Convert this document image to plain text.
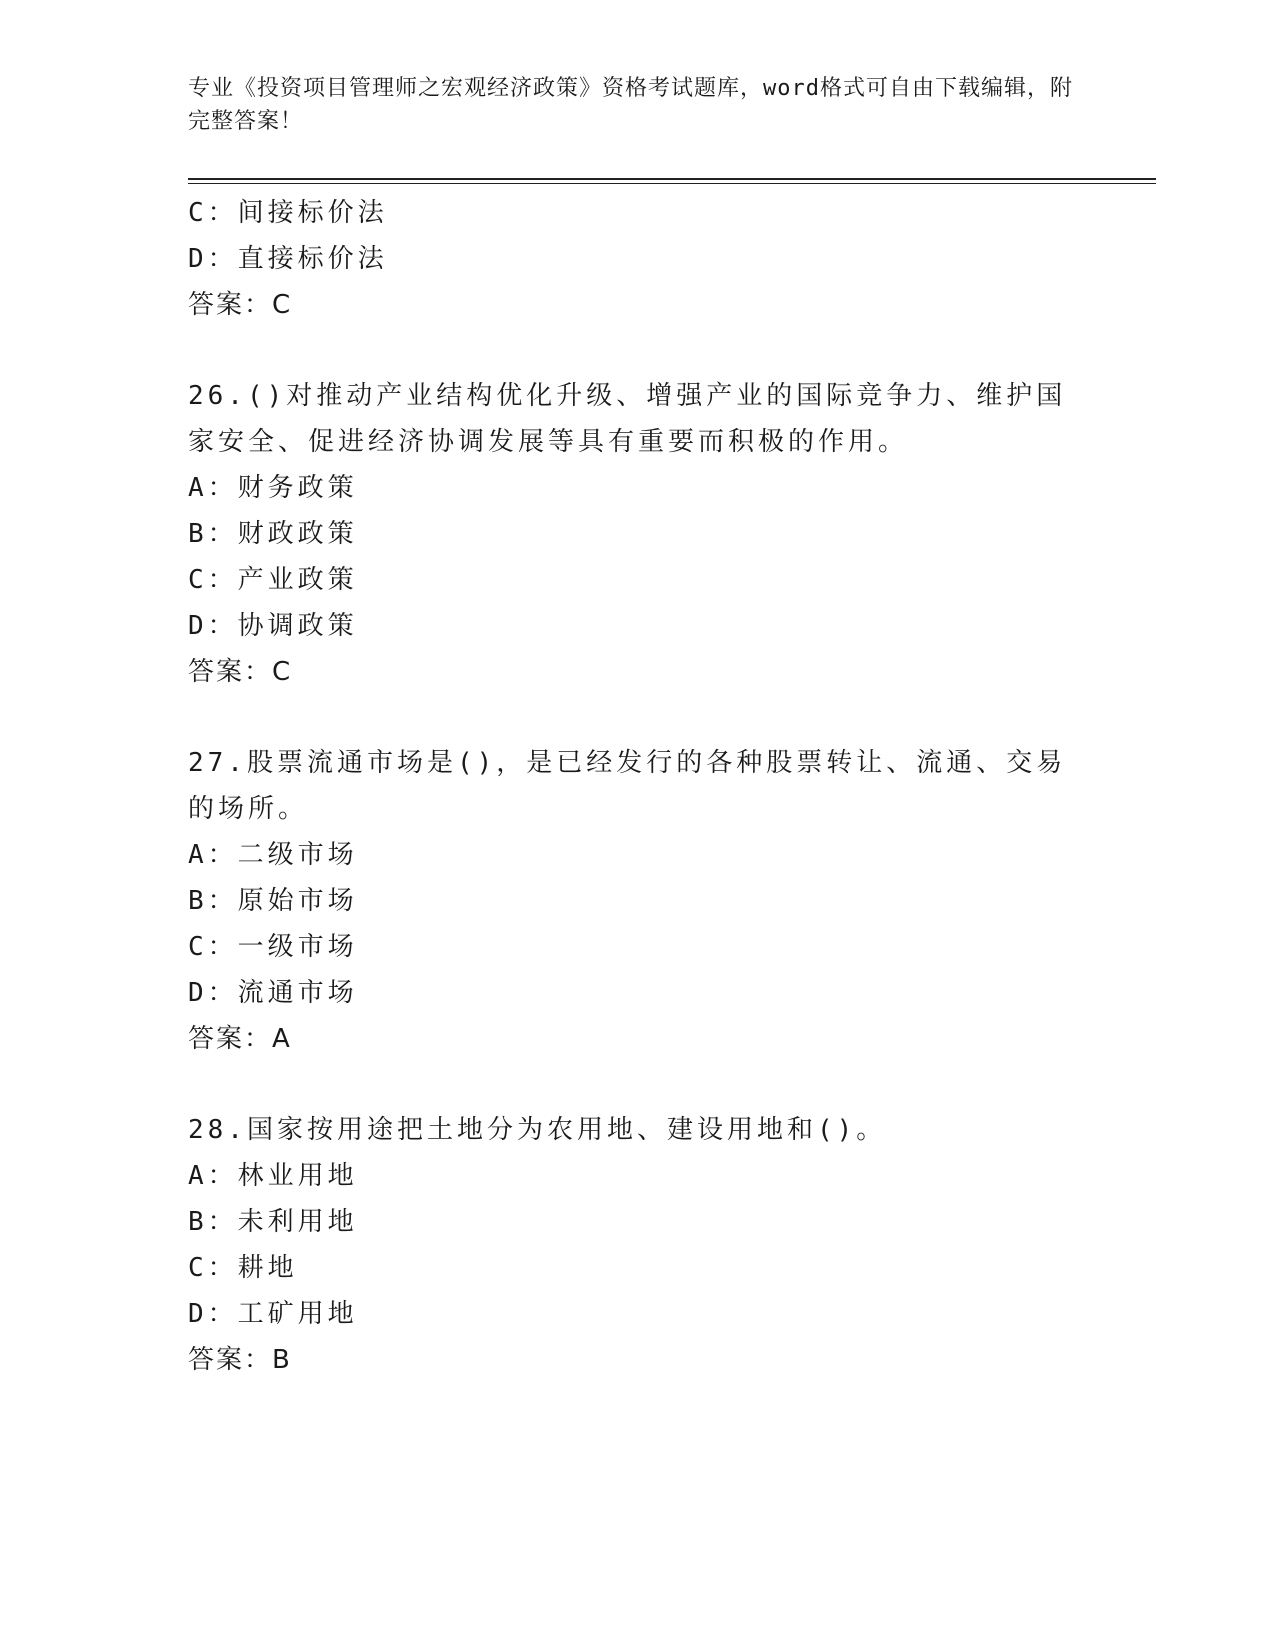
专业《投资项目管理师之宏观经济政策》资格考试题库，word格式可自由下载编辑，附完整答案！
C：间接标价法
D：直接标价法
答案：C
26.()对推动产业结构优化升级、增强产业的国际竞争力、维护国家安全、促进经济协调发展等具有重要而积极的作用。
A：财务政策
B：财政政策
C：产业政策
D：协调政策
答案：C
27.股票流通市场是()，是已经发行的各种股票转让、流通、交易的场所。
A：二级市场
B：原始市场
C：一级市场
D：流通市场
答案：A
28.国家按用途把土地分为农用地、建设用地和()。
A：林业用地
B：未利用地
C：耕地
D：工矿用地
答案：B
